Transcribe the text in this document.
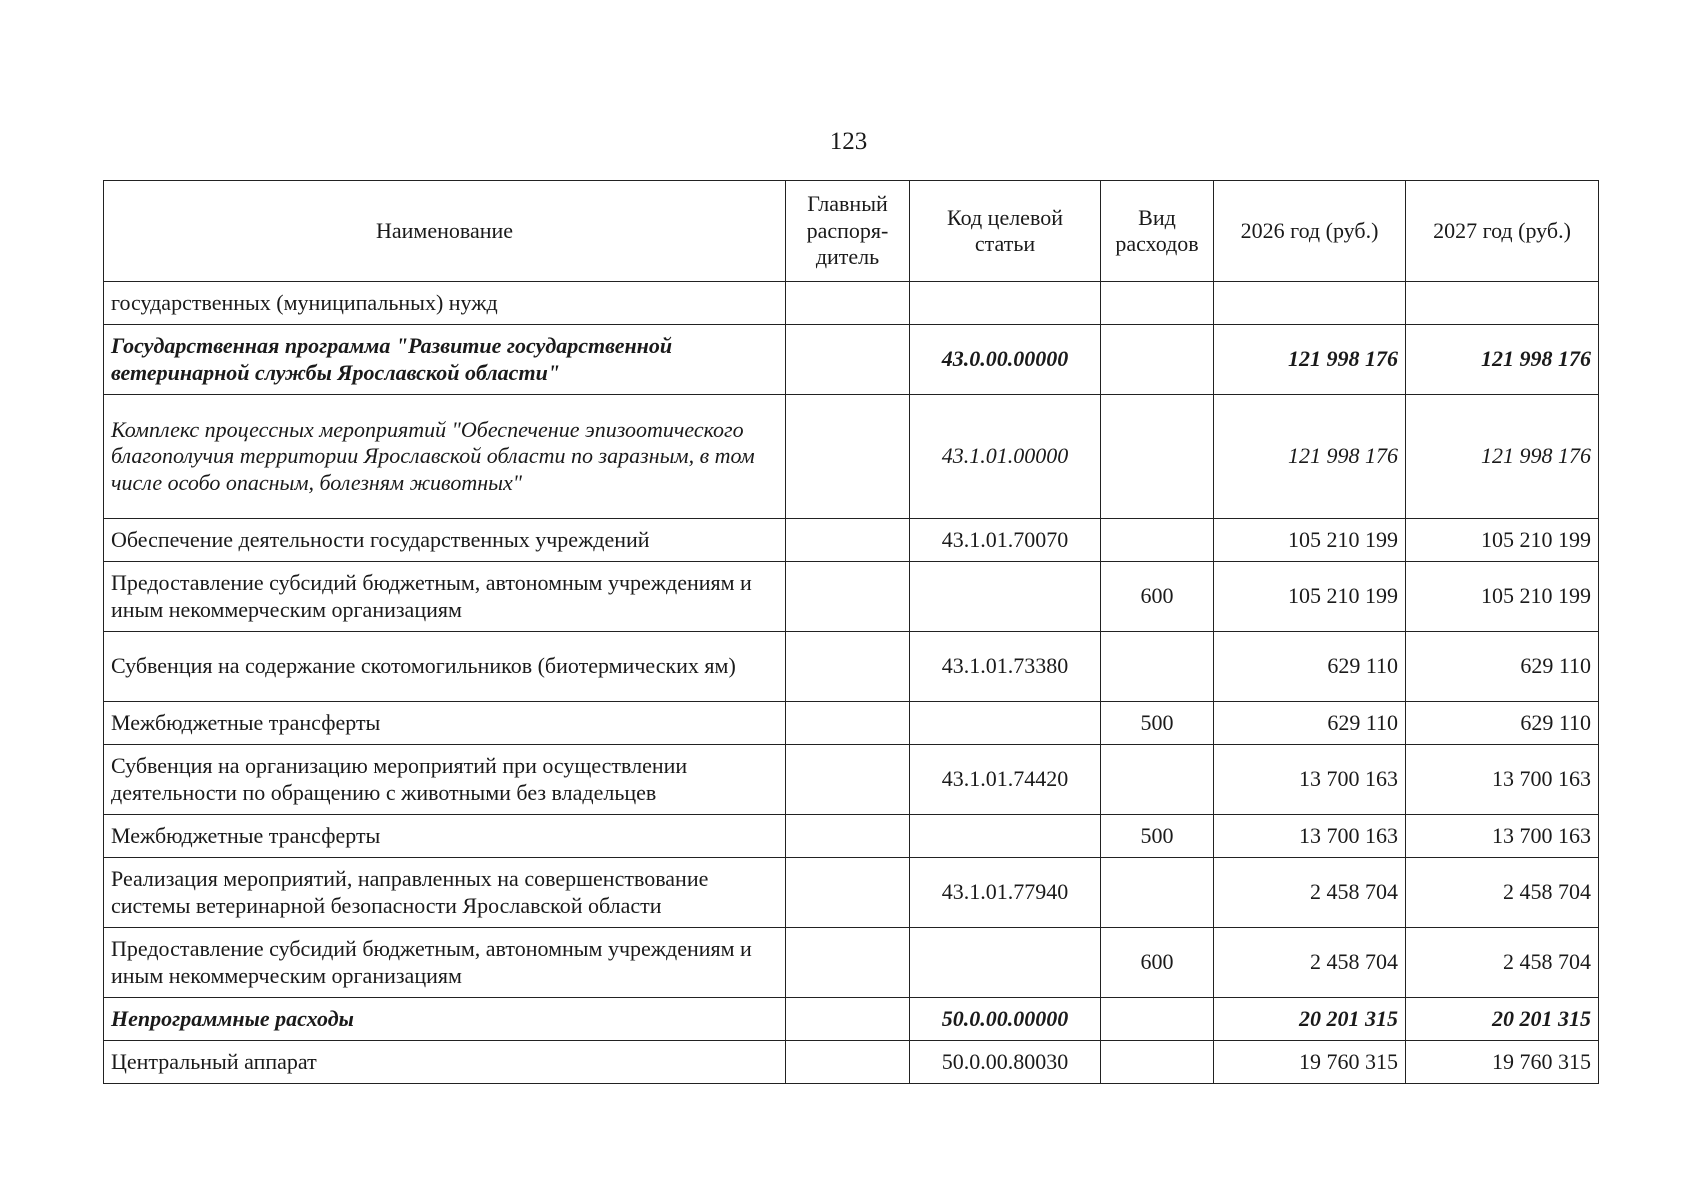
123
Наименование	Главный распоря-дитель	Код целевой статьи	Вид расходов	2026 год (руб.)	2027 год (руб.)
государственных (муниципальных) нужд					
Государственная программа "Развитие государственной ветеринарной службы Ярославской области"		43.0.00.00000		121 998 176	121 998 176
Комплекс процессных мероприятий "Обеспечение эпизоотического благополучия территории Ярославской области по заразным, в том числе особо опасным, болезням животных"		43.1.01.00000		121 998 176	121 998 176
Обеспечение деятельности государственных учреждений		43.1.01.70070		105 210 199	105 210 199
Предоставление субсидий бюджетным, автономным учреждениям и иным некоммерческим организациям			600	105 210 199	105 210 199
Субвенция на содержание скотомогильников (биотермических ям)		43.1.01.73380		629 110	629 110
Межбюджетные трансферты			500	629 110	629 110
Субвенция на организацию мероприятий при осуществлении деятельности по обращению с животными без владельцев		43.1.01.74420		13 700 163	13 700 163
Межбюджетные трансферты			500	13 700 163	13 700 163
Реализация мероприятий, направленных на совершенствование системы ветеринарной безопасности Ярославской области		43.1.01.77940		2 458 704	2 458 704
Предоставление субсидий бюджетным, автономным учреждениям и иным некоммерческим организациям			600	2 458 704	2 458 704
Непрограммные расходы		50.0.00.00000		20 201 315	20 201 315
Центральный аппарат		50.0.00.80030		19 760 315	19 760 315
